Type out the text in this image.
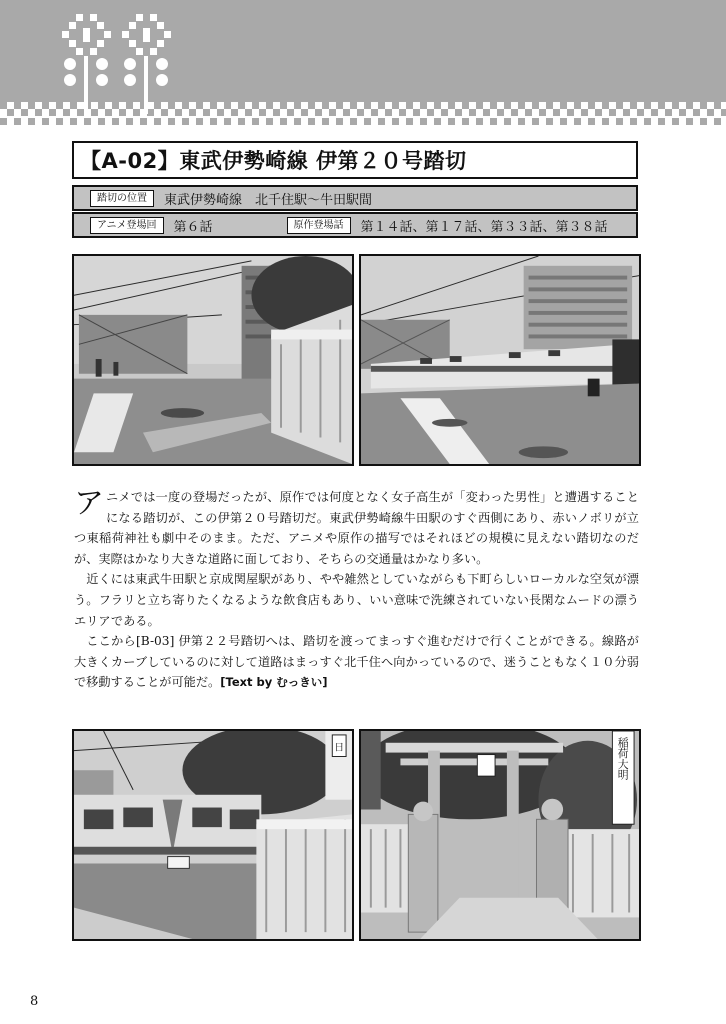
【A-02】東武伊勢崎線 伊第２０号踏切
踏切の位置	東武伊勢崎線　北千住駅〜牛田駅間
アニメ登場回	第６話	原作登場話	第１４話、第１７話、第３３話、第３８話

アニメでは一度の登場だったが、原作では何度となく女子高生が「変わった男性」と遭遇することになる踏切が、この伊第２０号踏切だ。東武伊勢崎線牛田駅のすぐ西側にあり、赤いノボリが立つ東稲荷神社も劇中そのまま。ただ、アニメや原作の描写ではそれほどの規模に見えない踏切なのだが、実際はかなり大きな道路に面しており、そちらの交通量はかなり多い。

近くには東武牛田駅と京成関屋駅があり、やや雑然としていながらも下町らしいローカルな空気が漂う。フラリと立ち寄りたくなるような飲食店もあり、いい意味で洗練されていない長閑なムードの漂うエリアである。

ここから[B-03] 伊第２２号踏切へは、踏切を渡ってまっすぐ進むだけで行くことができる。線路が大きくカーブしているのに対して道路はまっすぐ北千住へ向かっているので、迷うこともなく１０分弱で移動することが可能だ。[Text by むっきい]

日	稲荷大明
8
